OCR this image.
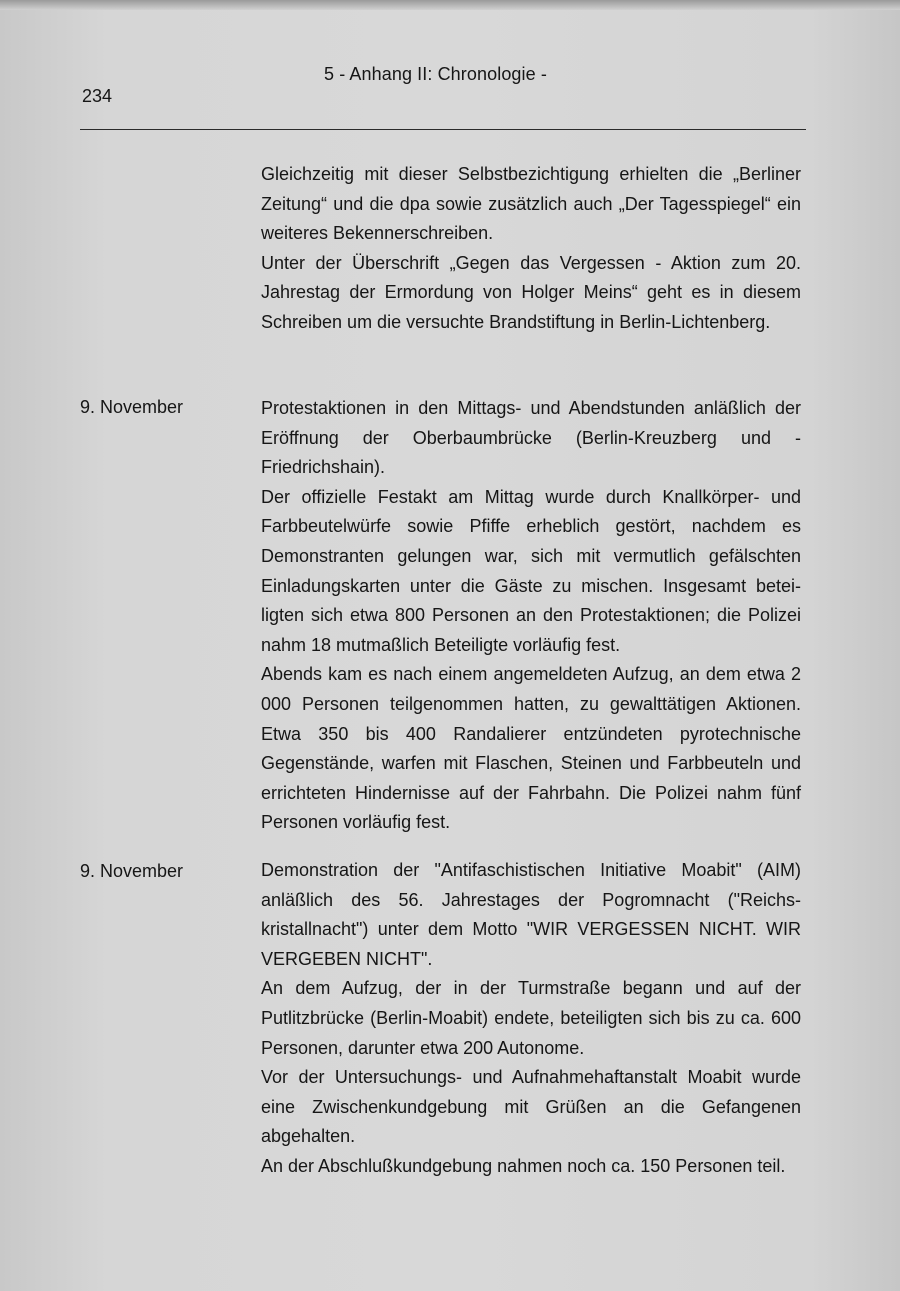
234
5 - Anhang II: Chronologie -

Gleichzeitig mit dieser Selbstbezichtigung erhielten die „Berliner Zeitung“ und die dpa sowie zusätzlich auch „Der Tagesspiegel“ ein weiteres Bekennerschreiben.

Unter der Überschrift „Gegen das Vergessen - Aktion zum 20. Jahrestag der Ermordung von Holger Meins“ geht es in diesem Schreiben um die versuchte Brandstiftung in Berlin-Lichtenberg.

9. November	Protestaktionen in den Mittags- und Abendstunden anläßlich der Eröffnung der Oberbaumbrücke (Berlin-Kreuzberg und -Friedrichshain).

Der offizielle Festakt am Mittag wurde durch Knallkörper- und Farbbeutelwürfe sowie Pfiffe erheblich gestört, nachdem es Demonstranten gelungen war, sich mit vermutlich gefälschten Einladungskarten unter die Gäste zu mischen. Insgesamt beteiligten sich etwa 800 Personen an den Protestaktionen; die Polizei nahm 18 mutmaßlich Beteiligte vorläufig fest.

Abends kam es nach einem angemeldeten Aufzug, an dem etwa 2 000 Personen teilgenommen hatten, zu gewalttätigen Aktionen. Etwa 350 bis 400 Randalierer entzündeten pyrotechnische Gegenstände, warfen mit Flaschen, Steinen und Farbbeuteln und errichteten Hindernisse auf der Fahrbahn. Die Polizei nahm fünf Personen vorläufig fest.

9. November	Demonstration der "Antifaschistischen Initiative Moabit" (AIM) anläßlich des 56. Jahrestages der Pogromnacht ("Reichskristallnacht") unter dem Motto "WIR VERGESSEN NICHT. WIR VERGEBEN NICHT".

An dem Aufzug, der in der Turmstraße begann und auf der Putlitzbrücke (Berlin-Moabit) endete, beteiligten sich bis zu ca. 600 Personen, darunter etwa 200 Autonome.

Vor der Untersuchungs- und Aufnahmehaftanstalt Moabit wurde eine Zwischenkundgebung mit Grüßen an die Gefangenen abgehalten.

An der Abschlußkundgebung nahmen noch ca. 150 Personen teil.
